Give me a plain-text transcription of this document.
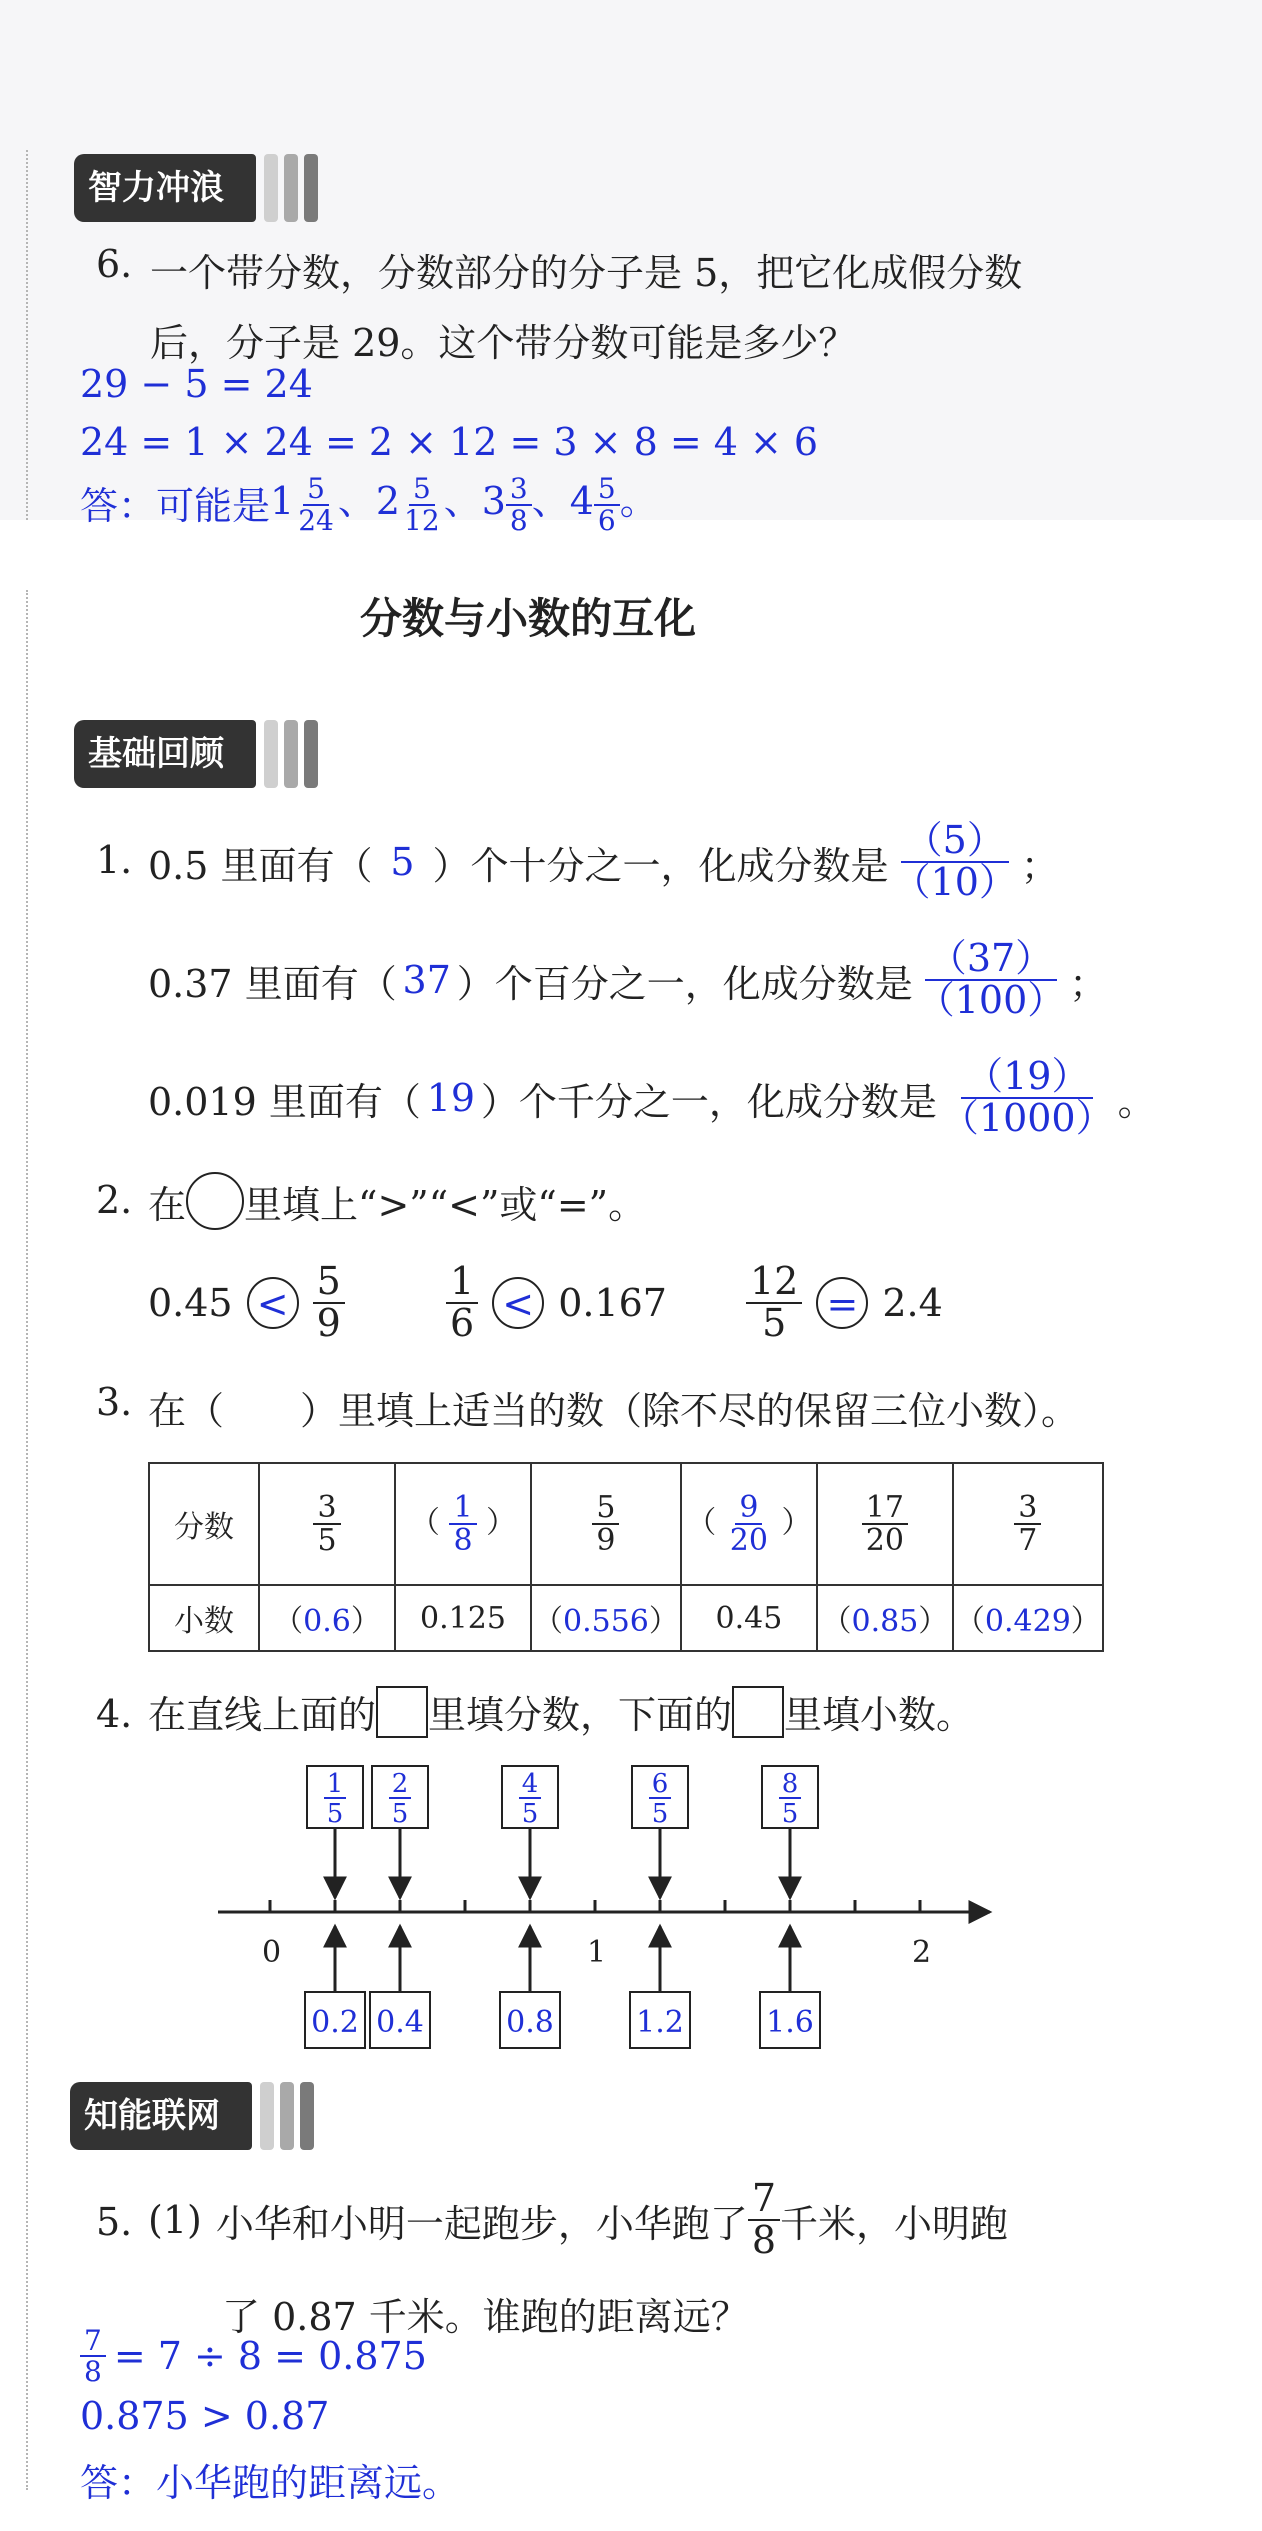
智力冲浪
6. 一个带分数，分数部分的分子是 5，把它化成假分数
后，分子是 29。这个带分数可能是多少？
29 − 5 = 24
24 = 1 × 24 = 2 × 12 = 3 × 8 = 4 × 6
答：可能是 $1 \frac{5}{24}$ 、 $2 \frac{5}{12}$ 、 $3 \frac{3}{8}$ 、 $4 \frac{5}{6}$ 。
分数与小数的互化
基础回顾
1. 0.5 里面有（ 5 ）个十分之一，化成分数是 $\frac{(5)}{(10)}$ ；
0.37 里面有（ 37 ）个百分之一，化成分数是 $\frac{(37)}{(100)}$ ；
0.019 里面有（ 19 ）个千分之一，化成分数是 $\frac{(19)}{(1000)}$ 。
2. 在 里填上“>”“<”或“=”。
$0.45 < \frac{5}{9}$	$\frac{1}{6} < 0.167 \frac{12}{5} = 2.4$
3. 在（　　）里填上适当的数（除不尽的保留三位小数）。
分数	$\frac{3}{5}$	（ $\frac{1}{8}$ ）	$\frac{5}{9}$	（ $\frac{9}{20}$ ）	$\frac{17}{20}$	$\frac{3}{7}$

小数	（0.6）	0.125	（0.556）	0.45	（0.85）	（0.429）
4. 在直线上面的 里填分数，下面的 里填小数。
0	1	2
1
5
0.2
2
5
0.4
4
5
0.8
6
5
1.2
8
5
1.6
知能联网
5. (1) 小华和小明一起跑步，小华跑了 $\frac{7}{8}$ 千米，小明跑
了 0.87 千米。谁跑的距离远？
$\frac{7}{8} = 7 \div 8 = 0.875$
0.875 > 0.87
答：小华跑的距离远。
